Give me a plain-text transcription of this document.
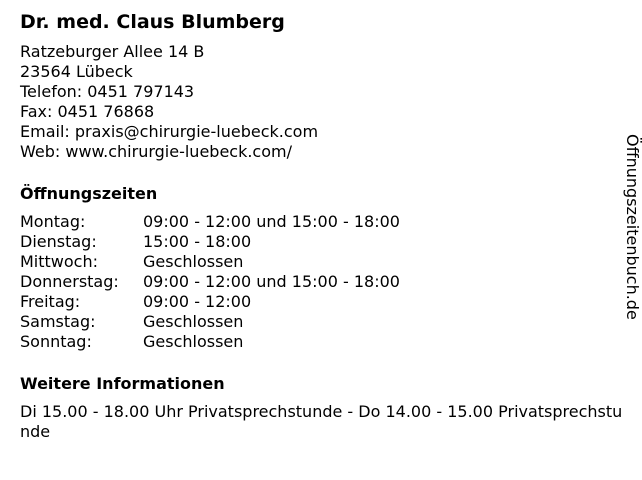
Dr. med. Claus Blumberg
Ratzeburger Allee 14 B
23564 Lübeck
Telefon: 0451 797143
Fax: 0451 76868
Email: praxis@chirurgie-luebeck.com
Web: www.chirurgie-luebeck.com/
Öffnungszeiten
Montag:	09:00 - 12:00 und 15:00 - 18:00
Dienstag:	15:00 - 18:00
Mittwoch:	Geschlossen
Donnerstag:	09:00 - 12:00 und 15:00 - 18:00
Freitag:	09:00 - 12:00
Samstag:	Geschlossen
Sonntag:	Geschlossen
Weitere Informationen
Di 15.00 - 18.00 Uhr Privatsprechstunde - Do 14.00 - 15.00 Privatsprechstunde
Öffnungszeitenbuch.de
